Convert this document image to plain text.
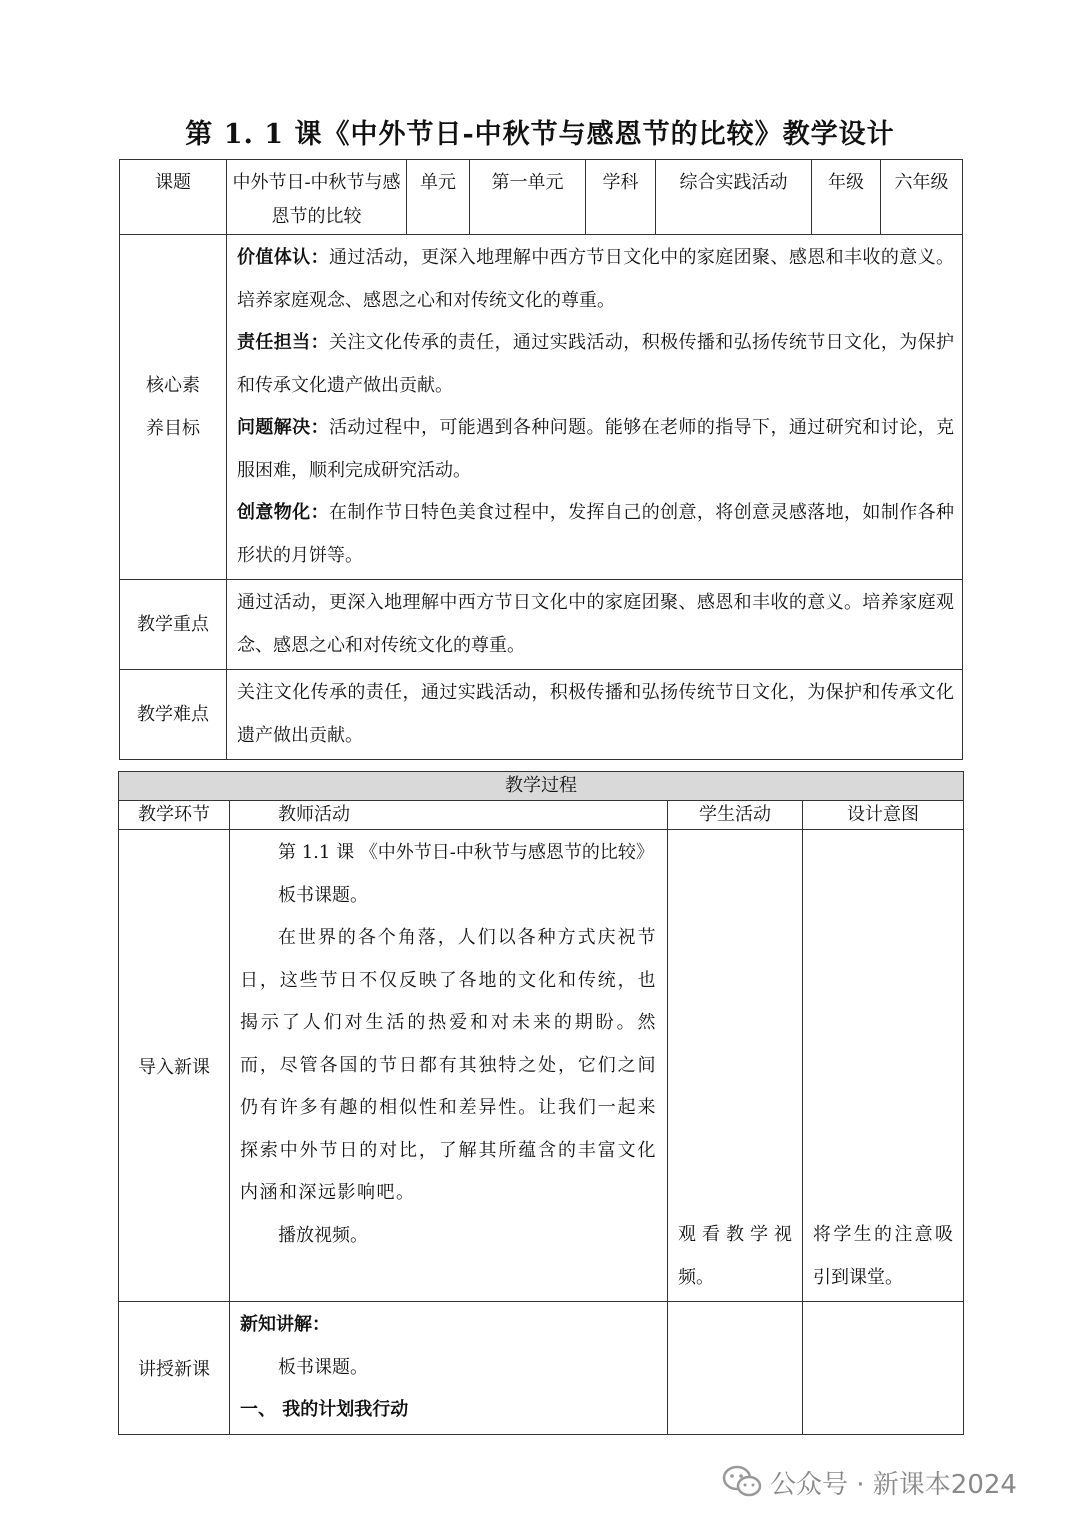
第 1. 1 课《中外节日-中秋节与感恩节的比较》教学设计
课题	中外节日-中秋节与感恩节的比较	单元	第一单元	学科	综合实践活动	年级	六年级
核心素养目标	价值体认：通过活动，更深入地理解中西方节日文化中的家庭团聚、感恩和丰收的意义。培养家庭观念、感恩之心和对传统文化的尊重。
责任担当：关注文化传承的责任，通过实践活动，积极传播和弘扬传统节日文化，为保护和传承文化遗产做出贡献。
问题解决：活动过程中，可能遇到各种问题。能够在老师的指导下，通过研究和讨论，克服困难，顺利完成研究活动。
创意物化：在制作节日特色美食过程中，发挥自己的创意，将创意灵感落地，如制作各种形状的月饼等。						

教学重点	通过活动，更深入地理解中西方节日文化中的家庭团聚、感恩和丰收的意义。培养家庭观念、感恩之心和对传统文化的尊重。						
教学难点	关注文化传承的责任，通过实践活动，积极传播和弘扬传统节日文化，为保护和传承文化遗产做出贡献。						
教学过程			
教学环节	教师活动	学生活动	设计意图
导入新课	第 1.1 课 《中外节日-中秋节与感恩节的比较》
板书课题。
在世界的各个角落，人们以各种方式庆祝节日，这些节日不仅反映了各地的文化和传统，也揭示了人们对生活的热爱和对未来的期盼。然而，尽管各国的节日都有其独特之处，它们之间仍有许多有趣的相似性和差异性。让我们一起来探索中外节日的对比，了解其所蕴含的丰富文化内涵和深远影响吧。
播放视频。	观看教学视频。	将学生的注意吸引到课堂。
讲授新课	新知讲解：
板书课题。
一、 我的计划我行动		

公众号 · 新课本2024
